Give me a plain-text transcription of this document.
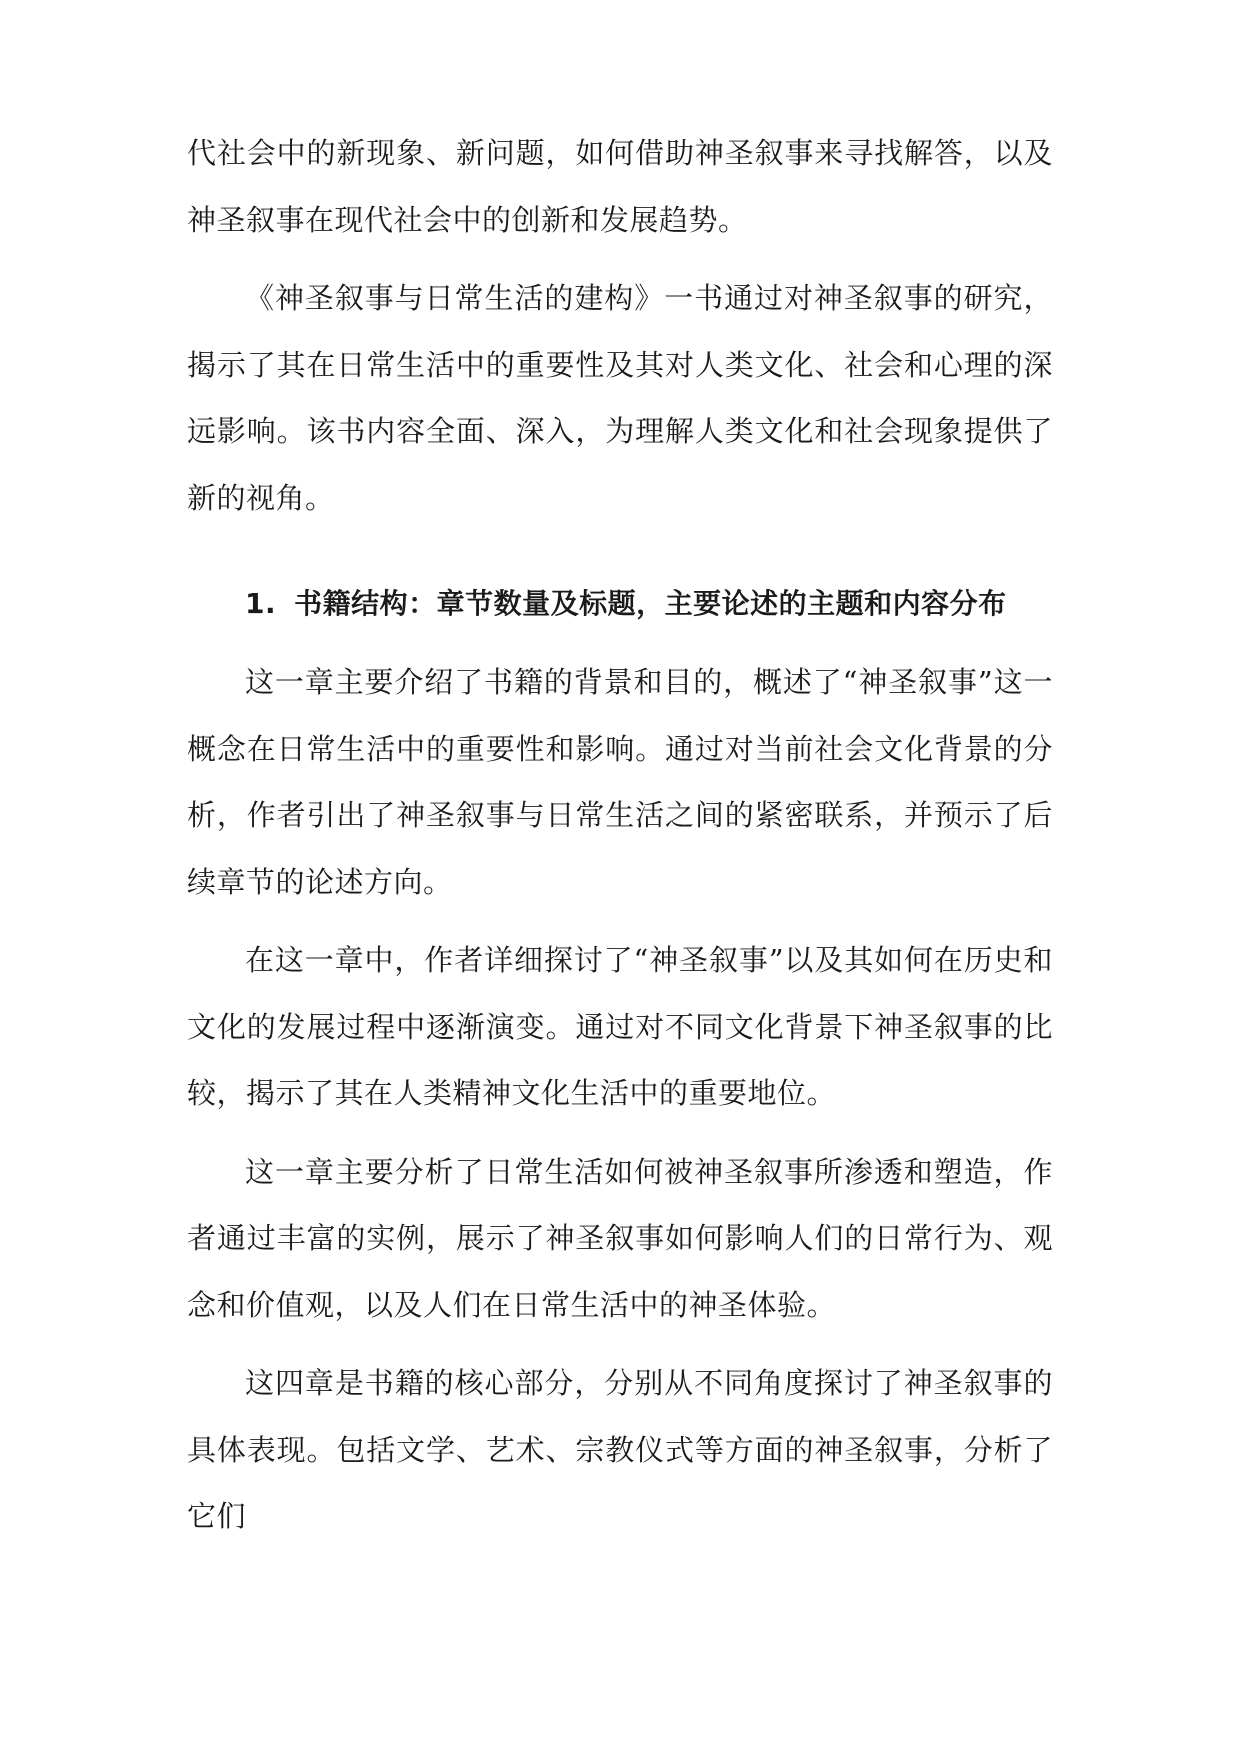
代社会中的新现象、新问题，如何借助神圣叙事来寻找解答，以及神圣叙事在现代社会中的创新和发展趋势。

《神圣叙事与日常生活的建构》一书通过对神圣叙事的研究，揭示了其在日常生活中的重要性及其对人类文化、社会和心理的深远影响。该书内容全面、深入，为理解人类文化和社会现象提供了新的视角。

1. 书籍结构：章节数量及标题，主要论述的主题和内容分布

这一章主要介绍了书籍的背景和目的，概述了“神圣叙事”这一概念在日常生活中的重要性和影响。通过对当前社会文化背景的分析，作者引出了神圣叙事与日常生活之间的紧密联系，并预示了后续章节的论述方向。

在这一章中，作者详细探讨了“神圣叙事”以及其如何在历史和文化的发展过程中逐渐演变。通过对不同文化背景下神圣叙事的比较，揭示了其在人类精神文化生活中的重要地位。

这一章主要分析了日常生活如何被神圣叙事所渗透和塑造，作者通过丰富的实例，展示了神圣叙事如何影响人们的日常行为、观念和价值观，以及人们在日常生活中的神圣体验。

这四章是书籍的核心部分，分别从不同角度探讨了神圣叙事的具体表现。包括文学、艺术、宗教仪式等方面的神圣叙事，分析了它们
